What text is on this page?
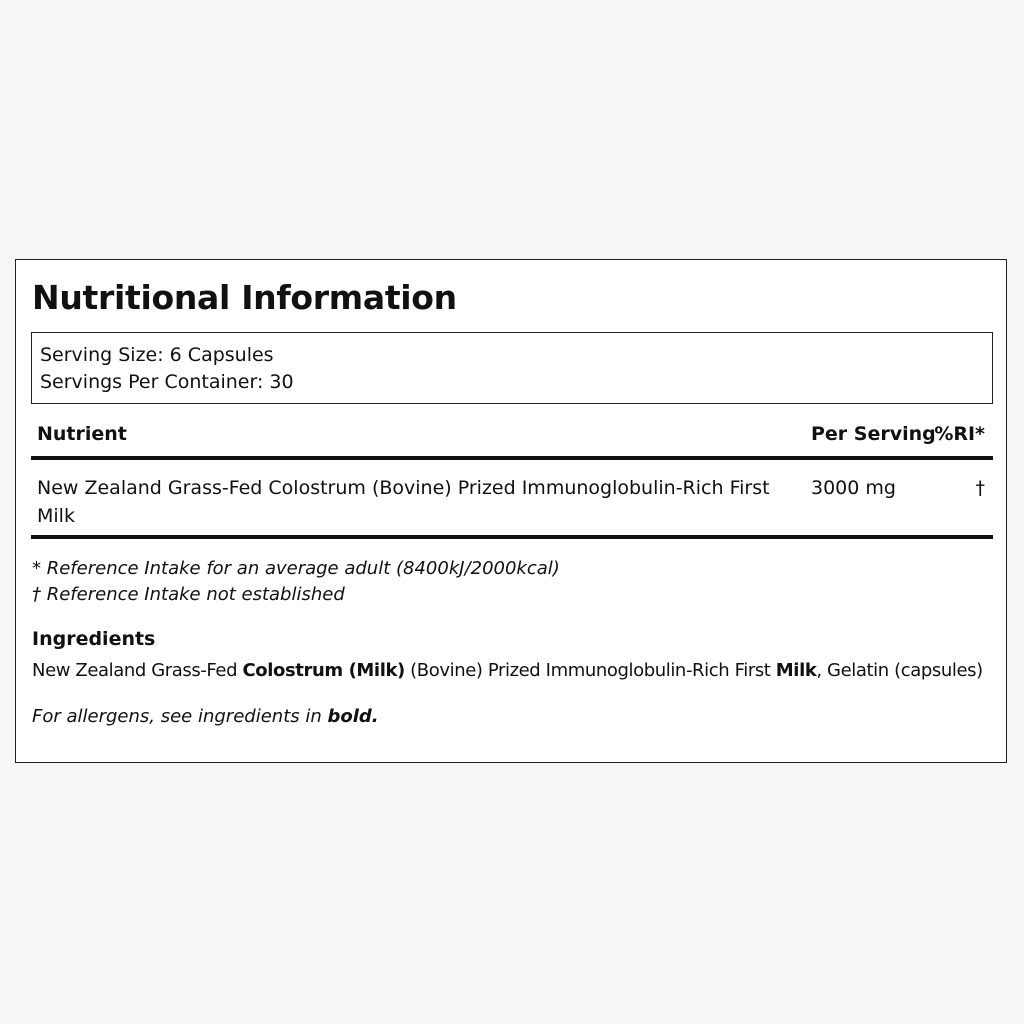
Nutritional Information
Serving Size: 6 Capsules
Servings Per Container: 30
Nutrient	Per Serving
%RI*
New Zealand Grass-Fed Colostrum (Bovine) Prized Immunoglobulin-Rich First Milk
3000 mg	†
* Reference Intake for an average adult (8400kJ/2000kcal)
† Reference Intake not established
Ingredients
New Zealand Grass-Fed Colostrum (Milk) (Bovine) Prized Immunoglobulin-Rich First Milk, Gelatin (capsules)
For allergens, see ingredients in bold.
